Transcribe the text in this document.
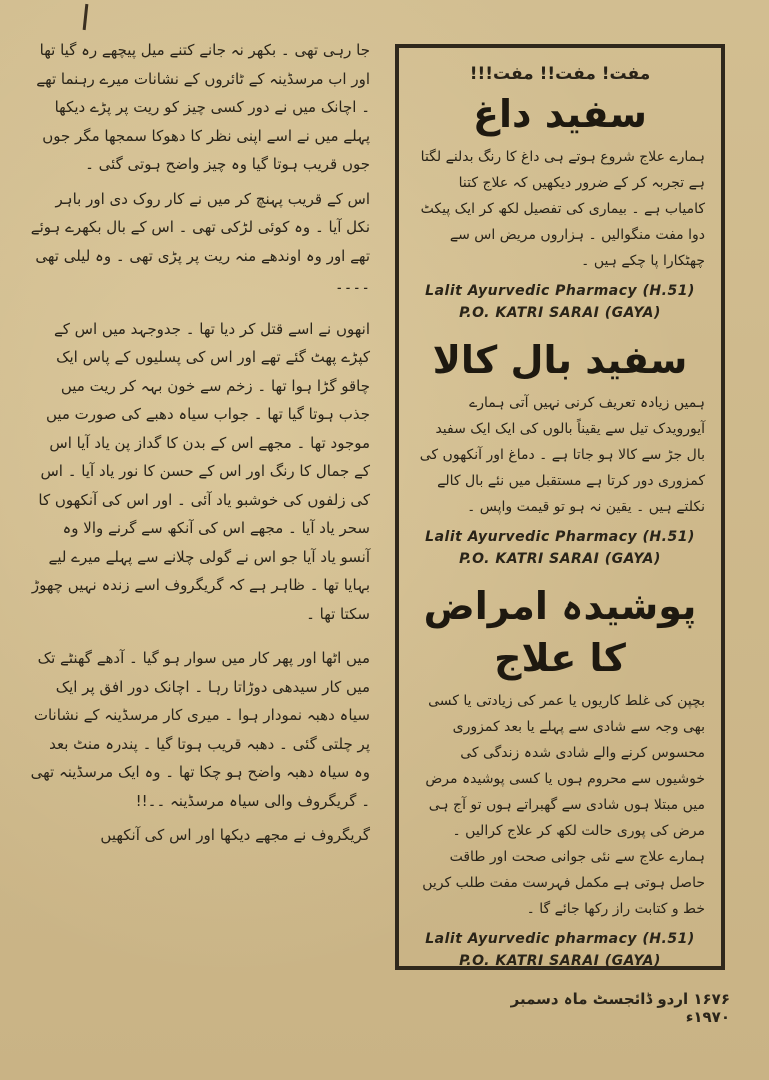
جا رہی تھی ۔ بکھر نہ جانے کتنے میل پیچھے رہ گیا تھا اور اب مرسڈینہ کے ٹائروں کے نشانات میرے رہنما تھے ۔ اچانک میں نے دور کسی چیز کو ریت پر پڑے دیکھا پہلے میں نے اسے اپنی نظر کا دھوکا سمجھا مگر جوں جوں قریب ہوتا گیا وہ چیز واضح ہوتی گئی ۔

اس کے قریب پہنچ کر میں نے کار روک دی اور باہر نکل آیا ۔ وہ کوئی لڑکی تھی ۔ اس کے بال بکھرے ہوئے تھے اور وہ اوندھے منہ ریت پر پڑی تھی ۔ وہ لیلی تھی ۔۔۔۔

انھوں نے اسے قتل کر دیا تھا ۔ جدوجہد میں اس کے کپڑے پھٹ گئے تھے اور اس کی پسلیوں کے پاس ایک چاقو گڑا ہوا تھا ۔ زخم سے خون بہہ کر ریت میں جذب ہوتا گیا تھا ۔ جواب سیاہ دھبے کی صورت میں موجود تھا ۔ مجھے اس کے بدن کا گداز پن یاد آیا اس کے جمال کا رنگ اور اس کے حسن کا نور یاد آیا ۔ اس کی زلفوں کی خوشبو یاد آئی ۔ اور اس کی آنکھوں کا سحر یاد آیا ۔ مجھے اس کی آنکھ سے گرنے والا وہ آنسو یاد آیا جو اس نے گولی چلانے سے پہلے میرے لیے بہایا تھا ۔ ظاہر ہے کہ گریگروف اسے زندہ نہیں چھوڑ سکتا تھا ۔

میں اٹھا اور پھر کار میں سوار ہو گیا ۔ آدھے گھنٹے تک میں کار سیدھی دوڑاتا رہا ۔ اچانک دور افق پر ایک سیاہ دھبہ نمودار ہوا ۔ میری کار مرسڈینہ کے نشانات پر چلتی گئی ۔ دھبہ قریب ہوتا گیا ۔ پندرہ منٹ بعد وہ سیاہ دھبہ واضح ہو چکا تھا ۔ وہ ایک مرسڈینہ تھی ۔ گریگروف والی سیاہ مرسڈینہ ۔۔!!

گریگروف نے مجھے دیکھا اور اس کی آنکھیں

مفت! مفت!! مفت!!!
سفید داغ
ہمارے علاج شروع ہوتے ہی داغ کا رنگ بدلنے لگتا ہے تجربہ کر کے ضرور دیکھیں کہ علاج کتنا کامیاب ہے ۔ بیماری کی تفصیل لکھ کر ایک پیکٹ دوا مفت منگوالیں ۔ ہزاروں مریض اس سے چھٹکارا پا چکے ہیں ۔
Lalit Ayurvedic Pharmacy (H.51)
P.O. KATRI SARAI (GAYA)
سفید بال کالا
ہمیں زیادہ تعریف کرنی نہیں آتی ہمارے آیورویدک تیل سے یقیناً بالوں کی ایک ایک سفید بال جڑ سے کالا ہو جاتا ہے ۔ دماغ اور آنکھوں کی کمزوری دور کرتا ہے مستقبل میں نئے بال کالے نکلتے ہیں ۔ یقین نہ ہو تو قیمت واپس ۔
Lalit Ayurvedic Pharmacy (H.51)
P.O. KATRI SARAI (GAYA)
پوشیدہ امراض کا علاج
بچپن کی غلط کاریوں یا عمر کی زیادتی یا کسی بھی وجہ سے شادی سے پہلے یا بعد کمزوری محسوس کرنے والے شادی شدہ زندگی کی خوشیوں سے محروم ہوں یا کسی پوشیدہ مرض میں مبتلا ہوں شادی سے گھبراتے ہوں تو آج ہی مرض کی پوری حالت لکھ کر علاج کرالیں ۔ ہمارے علاج سے نئی جوانی صحت اور طاقت حاصل ہوتی ہے مکمل فہرست مفت طلب کریں خط و کتابت راز رکھا جائے گا ۔
Lalit Ayurvedic pharmacy (H.51)
P.O. KATRI SARAI (GAYA)
۱۶۷۶ اردو ڈائجسٹ ماہ دسمبر ۱۹۷۰ء
